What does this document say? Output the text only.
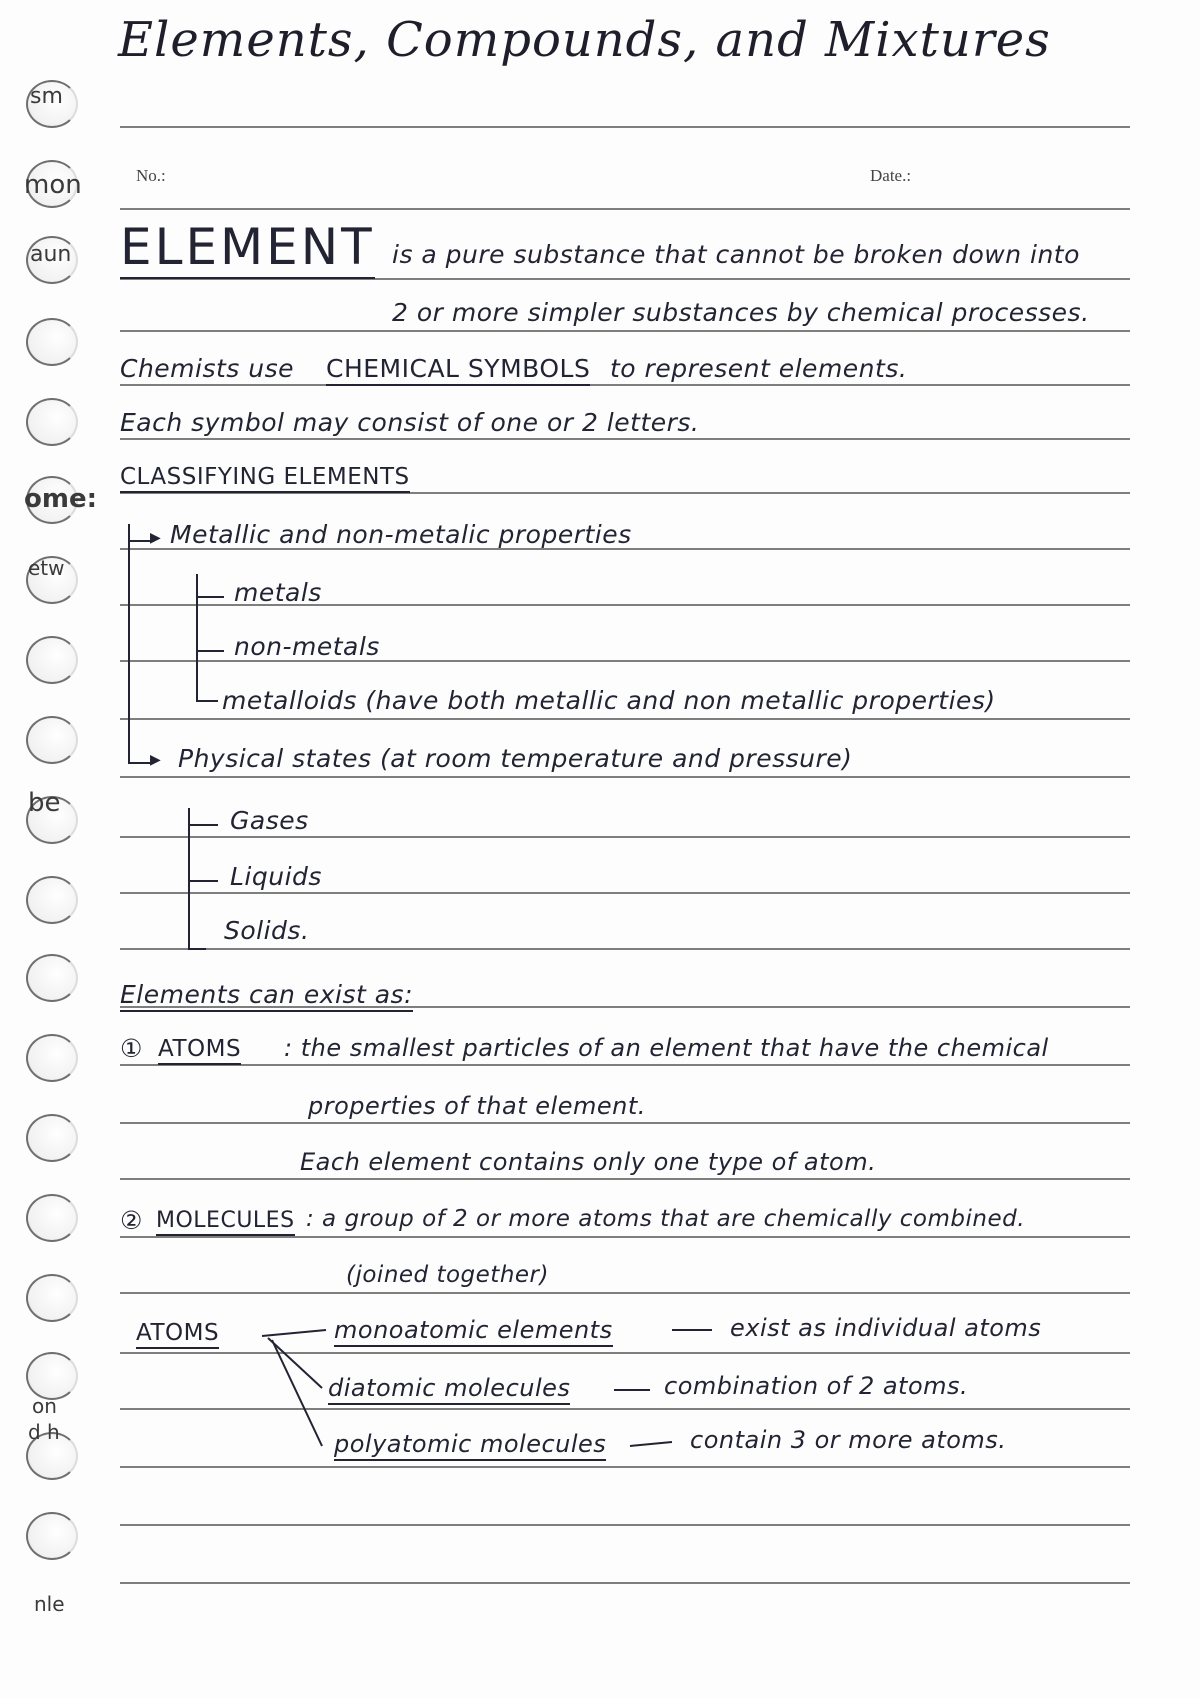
sm
mon
aun
ome:
etw
be
on
d h
nle
Elements, Compounds, and Mixtures
No.:	Date.:
ELEMENT is a pure substance that cannot be broken down into
2 or more simpler substances by chemical processes.
Chemists use CHEMICAL SYMBOLS to represent elements.
Each symbol may consist of one or 2 letters.
CLASSIFYING ELEMENTS
▶
▶
Metallic and non-metalic properties
metals
non-metals
metalloids (have both metallic and non metallic properties)
Physical states (at room temperature and pressure)
Gases
Liquids
Solids.
Elements can exist as:
① ATOMS : the smallest particles of an element that have the chemical
properties of that element.
Each element contains only one type of atom.
② MOLECULES : a group of 2 or more atoms that are chemically combined.
(joined together)
ATOMS	monoatomic elements	exist as individual atoms
diatomic molecules	combination of 2 atoms.
polyatomic molecules	contain 3 or more atoms.
